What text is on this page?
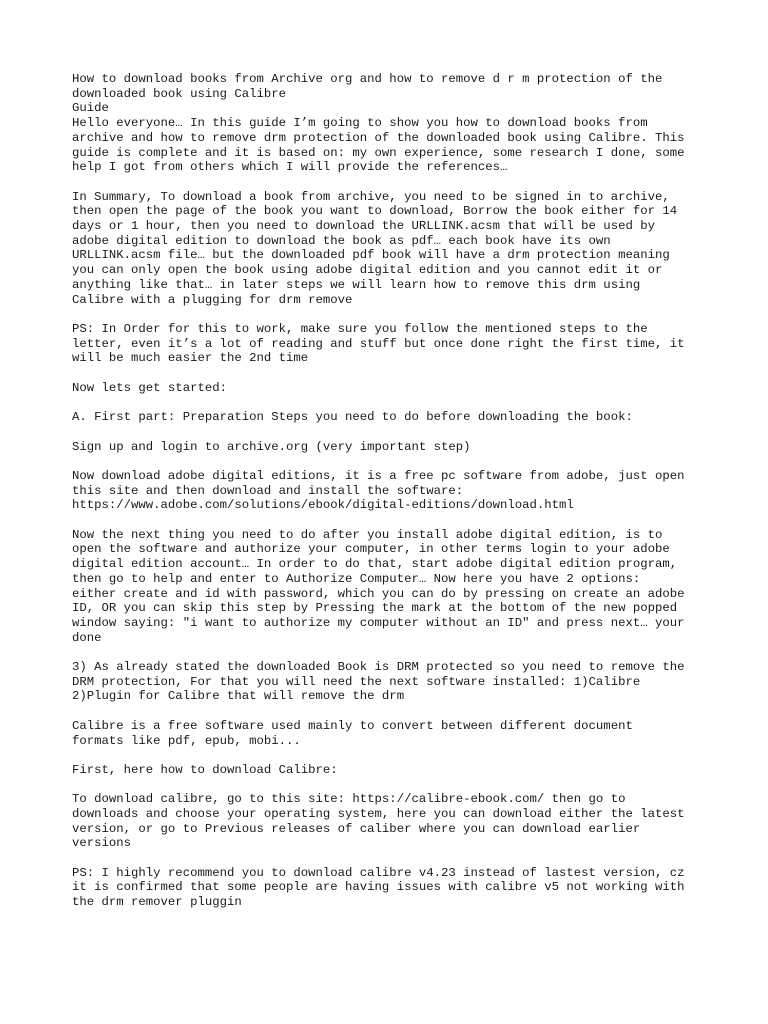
How to download books from Archive org and how to remove d r m protection of the
downloaded book using Calibre
Guide
Hello everyone… In this guide I’m going to show you how to download books from
archive and how to remove drm protection of the downloaded book using Calibre. This
guide is complete and it is based on: my own experience, some research I done, some
help I got from others which I will provide the references…
In Summary, To download a book from archive, you need to be signed in to archive,
then open the page of the book you want to download, Borrow the book either for 14
days or 1 hour, then you need to download the URLLINK.acsm that will be used by
adobe digital edition to download the book as pdf… each book have its own
URLLINK.acsm file… but the downloaded pdf book will have a drm protection meaning
you can only open the book using adobe digital edition and you cannot edit it or
anything like that… in later steps we will learn how to remove this drm using
Calibre with a plugging for drm remove
PS: In Order for this to work, make sure you follow the mentioned steps to the
letter, even it’s a lot of reading and stuff but once done right the first time, it
will be much easier the 2nd time
Now lets get started:
A. First part: Preparation Steps you need to do before downloading the book:
Sign up and login to archive.org (very important step)
Now download adobe digital editions, it is a free pc software from adobe, just open
this site and then download and install the software:
https://www.adobe.com/solutions/ebook/digital-editions/download.html
Now the next thing you need to do after you install adobe digital edition, is to
open the software and authorize your computer, in other terms login to your adobe
digital edition account… In order to do that, start adobe digital edition program,
then go to help and enter to Authorize Computer… Now here you have 2 options:
either create and id with password, which you can do by pressing on create an adobe
ID, OR you can skip this step by Pressing the mark at the bottom of the new popped
window saying: "i want to authorize my computer without an ID" and press next… your
done
3) As already stated the downloaded Book is DRM protected so you need to remove the
DRM protection, For that you will need the next software installed: 1)Calibre
2)Plugin for Calibre that will remove the drm
Calibre is a free software used mainly to convert between different document
formats like pdf, epub, mobi...
First, here how to download Calibre:
To download calibre, go to this site: https://calibre-ebook.com/ then go to
downloads and choose your operating system, here you can download either the latest
version, or go to Previous releases of caliber where you can download earlier
versions
PS: I highly recommend you to download calibre v4.23 instead of lastest version, cz
it is confirmed that some people are having issues with calibre v5 not working with
the drm remover pluggin
